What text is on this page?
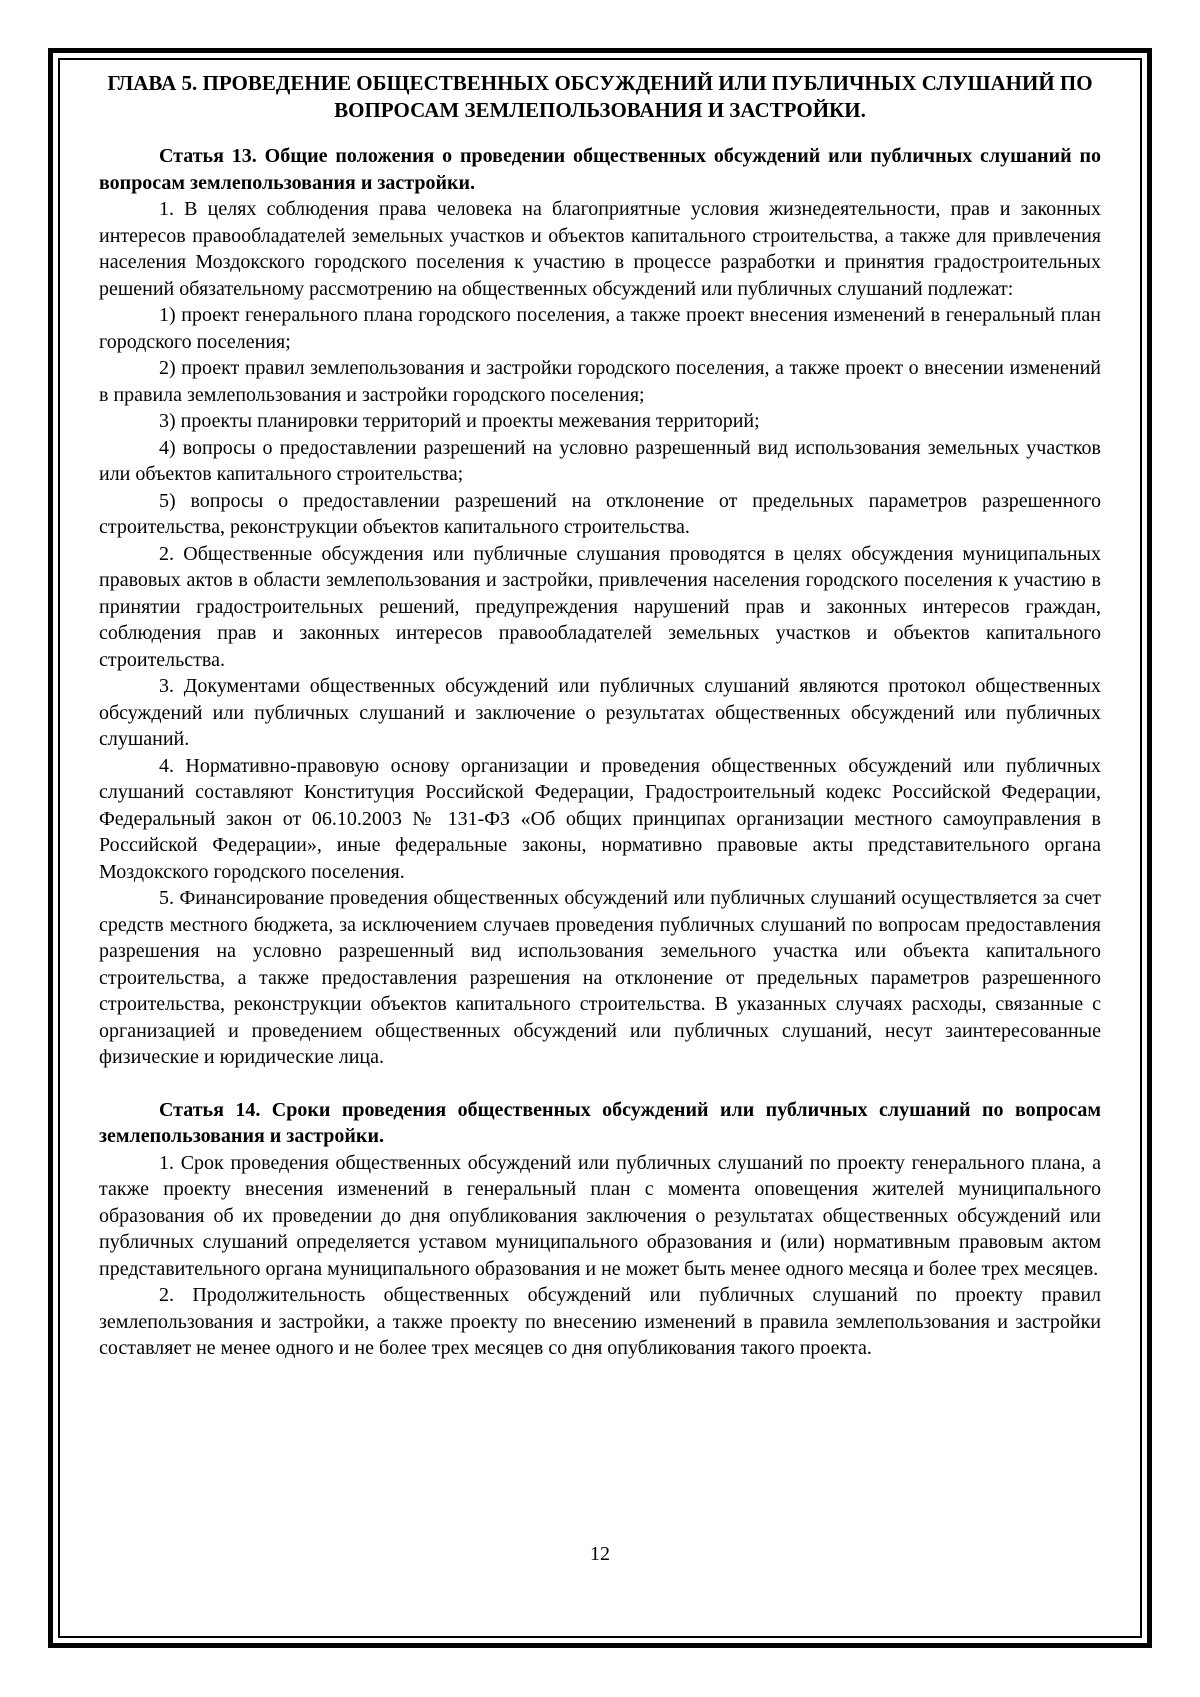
ГЛАВА 5. ПРОВЕДЕНИЕ ОБЩЕСТВЕННЫХ ОБСУЖДЕНИЙ ИЛИ ПУБЛИЧНЫХ СЛУШАНИЙ ПО ВОПРОСАМ ЗЕМЛЕПОЛЬЗОВАНИЯ И ЗАСТРОЙКИ.

Статья 13. Общие положения о проведении общественных обсуждений или публичных слушаний по вопросам землепользования и застройки.

1. В целях соблюдения права человека на благоприятные условия жизнедеятельности, прав и законных интересов правообладателей земельных участков и объектов капитального строительства, а также для привлечения населения Моздокского городского поселения к участию в процессе разработки и принятия градостроительных решений обязательному рассмотрению на общественных обсуждений или публичных слушаний подлежат:

1) проект генерального плана городского поселения, а также проект внесения изменений в генеральный план городского поселения;

2) проект правил землепользования и застройки городского поселения, а также проект о внесении изменений в правила землепользования и застройки городского поселения;

3) проекты планировки территорий и проекты межевания территорий;

4) вопросы о предоставлении разрешений на условно разрешенный вид использования земельных участков или объектов капитального строительства;

5) вопросы о предоставлении разрешений на отклонение от предельных параметров разрешенного строительства, реконструкции объектов капитального строительства.

2. Общественные обсуждения или публичные слушания проводятся в целях обсуждения муниципальных правовых актов в области землепользования и застройки, привлечения населения городского поселения к участию в принятии градостроительных решений, предупреждения нарушений прав и законных интересов граждан, соблюдения прав и законных интересов правообладателей земельных участков и объектов капитального строительства.

3. Документами общественных обсуждений или публичных слушаний являются протокол общественных обсуждений или публичных слушаний и заключение о результатах общественных обсуждений или публичных слушаний.

4. Нормативно-правовую основу организации и проведения общественных обсуждений или публичных слушаний составляют Конституция Российской Федерации, Градостроительный кодекс Российской Федерации, Федеральный закон от 06.10.2003 № 131-ФЗ «Об общих принципах организации местного самоуправления в Российской Федерации», иные федеральные законы, нормативно правовые акты представительного органа Моздокского городского поселения.

5. Финансирование проведения общественных обсуждений или публичных слушаний осуществляется за счет средств местного бюджета, за исключением случаев проведения публичных слушаний по вопросам предоставления разрешения на условно разрешенный вид использования земельного участка или объекта капитального строительства, а также предоставления разрешения на отклонение от предельных параметров разрешенного строительства, реконструкции объектов капитального строительства. В указанных случаях расходы, связанные с организацией и проведением общественных обсуждений или публичных слушаний, несут заинтересованные физические и юридические лица.

Статья 14. Сроки проведения общественных обсуждений или публичных слушаний по вопросам землепользования и застройки.

1. Срок проведения общественных обсуждений или публичных слушаний по проекту генерального плана, а также проекту внесения изменений в генеральный план с момента оповещения жителей муниципального образования об их проведении до дня опубликования заключения о результатах общественных обсуждений или публичных слушаний определяется уставом муниципального образования и (или) нормативным правовым актом представительного органа муниципального образования и не может быть менее одного месяца и более трех месяцев.

2. Продолжительность общественных обсуждений или публичных слушаний по проекту правил землепользования и застройки, а также проекту по внесению изменений в правила землепользования и застройки составляет не менее одного и не более трех месяцев со дня опубликования такого проекта.

12
